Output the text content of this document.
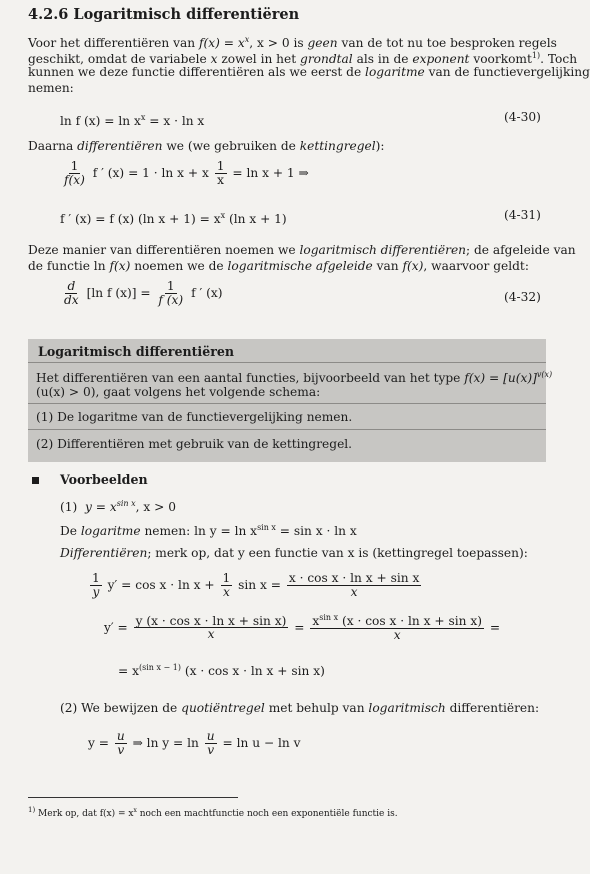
4.2.6 Logaritmisch differentiëren
Voor het differentiëren van $f(x) = x^x$, x > 0 is geen van de tot nu toe besproken regels
geschikt, omdat de variabele x zowel in het grondtal als in de exponent voorkomt$^{1)}$. Toch
kunnen we deze functie differentiëren als we eerst de logaritme van de functievergelijking
nemen:
ln f $(x) = \ln x^x = x \cdot \ln x$	(4-30)
Daarna differentiëren we (we gebruiken de kettingregel):
$\frac{1}{f(x)}$ f ′ (x) = 1 · ln x + x $\frac{1}{x} = \ln x + 1$ ⇒
f ′ (x) = f (x) (ln $x + 1) = x^x$ (ln x + 1)	(4-31)
Deze manier van differentiëren noemen we logaritmisch differentiëren; de afgeleide van
de functie ln f(x) noemen we de logaritmische afgeleide van f(x), waarvoor geldt:
$\frac{d}{dx} [\ln$ f $(x)] = \frac{1}{f (x)}$ f ′ (x)	(4-32)
Logaritmisch differentiëren
Het differentiëren van een aantal functies, bijvoorbeeld van het type $f(x) = [u(x)]^{v(x)}$
(u(x) > 0), gaat volgens het volgende schema:
(1) De logaritme van de functievergelijking nemen.
(2) Differentiëren met gebruik van de kettingregel.
Voorbeelden
(1) $y = x^{sin x}$, x > 0
De logaritme nemen: $\ln y = \ln x^{sin x} = \sin x \cdot \ln x$
Differentiëren; merk op, dat y een functie van x is (kettingregel toepassen):
$\frac{1}{y} y' = \cos x \cdot \ln x + \frac{1}{x}$ $\sin x = \frac{\text{x · cos x · ln x + sin x}}{x}$
$y' = \frac{\text{y (x · cos x · ln x + sin x)}}{x} = \frac{x^{sin x} (x \cdot \cos x \cdot \ln x + \sin x)}{x}$ =
= $x^{(sin x - 1)}$ (x · cos x · ln x + sin x)
(2) We bewijzen de quotiëntregel met behulp van logaritmisch differentiëren:
$y = \frac{u}{v}$ ⇒ $\ln y = \ln \frac{u}{v} = \ln u - \ln v$
$^{1)}$ Merk op, dat $f(x) = x^x$ noch een machtfunctie noch een exponentiële functie is.
